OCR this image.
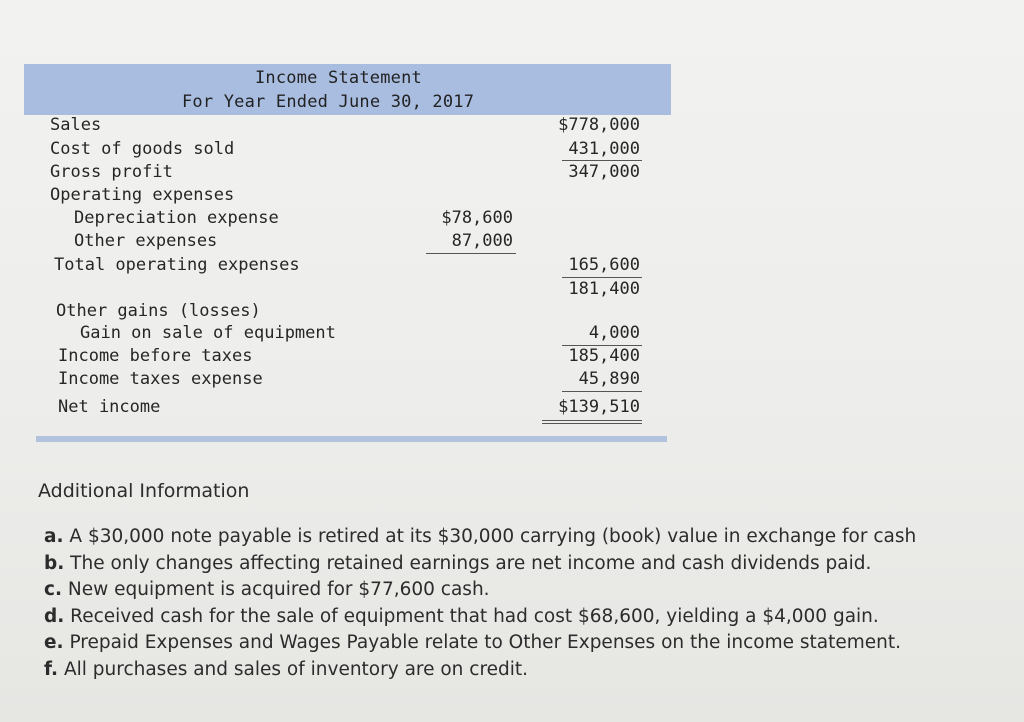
Income Statement
For Year Ended June 30, 2017
Sales	$778,000
Cost of goods sold	431,000
Gross profit	347,000
Operating expenses
Depreciation expense	$78,600
Other expenses	87,000
Total operating expenses	165,600
181,400
Other gains (losses)
Gain on sale of equipment	4,000
Income before taxes	185,400
Income taxes expense	45,890
Net income	$139,510
Additional Information
a. A $30,000 note payable is retired at its $30,000 carrying (book) value in exchange for cash
b. The only changes affecting retained earnings are net income and cash dividends paid.
c. New equipment is acquired for $77,600 cash.
d. Received cash for the sale of equipment that had cost $68,600, yielding a $4,000 gain.
e. Prepaid Expenses and Wages Payable relate to Other Expenses on the income statement.
f. All purchases and sales of inventory are on credit.
